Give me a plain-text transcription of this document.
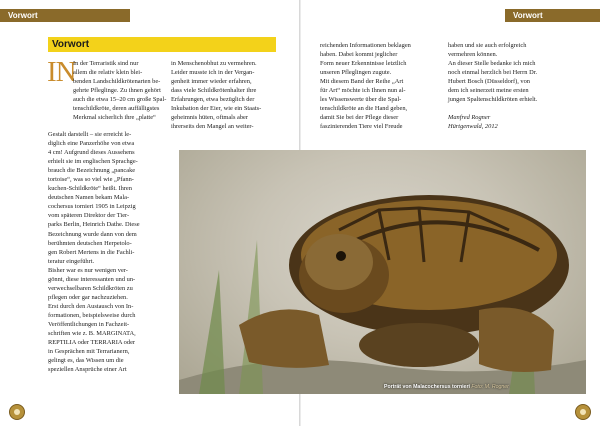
Vorwort	Vorwort
Vorwort
IN
In der Terraristik sind nur
allem die relativ klein blei-
benden Landschildkrötenarten be-
gehrte Pfleglinge. Zu ihnen gehört
auch die etwa 15–20 cm große Spal-
tenschildkröte, deren auffälligstes
Merkmal sicherlich ihre „platte“
Gestalt darstellt – sie erreicht le-
diglich eine Panzerhöhe von etwa
4 cm! Aufgrund dieses Aussehens
erhielt sie im englischen Sprachge-
brauch die Bezeichnung „pancake
tortoise“, was so viel wie „Pfann-
kuchen-Schildkröte“ heißt. Ihren
deutschen Namen bekam Mala-
cochersus tornieri 1905 in Leipzig
vom späteren Direktor der Tier-
parks Berlin, Heinrich Dathe. Diese
Bezeichnung wurde dann von dem
berühmten deutschen Herpetolo-
gen Robert Mertens in die Fachli-
teratur eingeführt.
Bisher war es nur wenigen ver-
gönnt, diese interessanten und un-
verwechselbaren Schildkröten zu
pflegen oder gar nachzuziehen.
Erst durch den Austausch von In-
formationen, beispielsweise durch
Veröffentlichungen in Fachzeit-
schriften wie z. B. MARGINATA,
REPTILIA oder TERRARIA oder
in Gesprächen mit Terrarianern,
gelingt es, das Wissen um die
speziellen Ansprüche einer Art
in Menschenobhut zu vermehren.
Leider musste ich in der Vergan-
genheit immer wieder erfahren,
dass viele Schildkrötenhalter ihre
Erfahrungen, etwa bezüglich der
Inkubation der Eier, wie ein Staats-
geheimnis hüten, oftmals aber
ihrerseits den Mangel an weiter-
reichenden Informationen beklagen
haben. Dabei kommt jeglicher
Form neuer Erkenntnisse letztlich
unseren Pfleglingen zugute.
Mit diesem Band der Reihe „Art
für Art“ möchte ich Ihnen nun al-
les Wissenswerte über die Spal-
tenschildkröte an die Hand geben,
damit Sie bei der Pflege dieser
faszinierenden Tiere viel Freude
haben und sie auch erfolgreich
vermehren können.
An dieser Stelle bedanke ich mich
noch einmal herzlich bei Herrn Dr.
Hubert Bosch (Düsseldorf), von
dem ich seinerzeit meine ersten
jungen Spaltenschildkröten erhielt.
Manfred Rogner
Hürtgenwald, 2012
Porträt von Malacochersus tornieri Foto: M. Rogner
